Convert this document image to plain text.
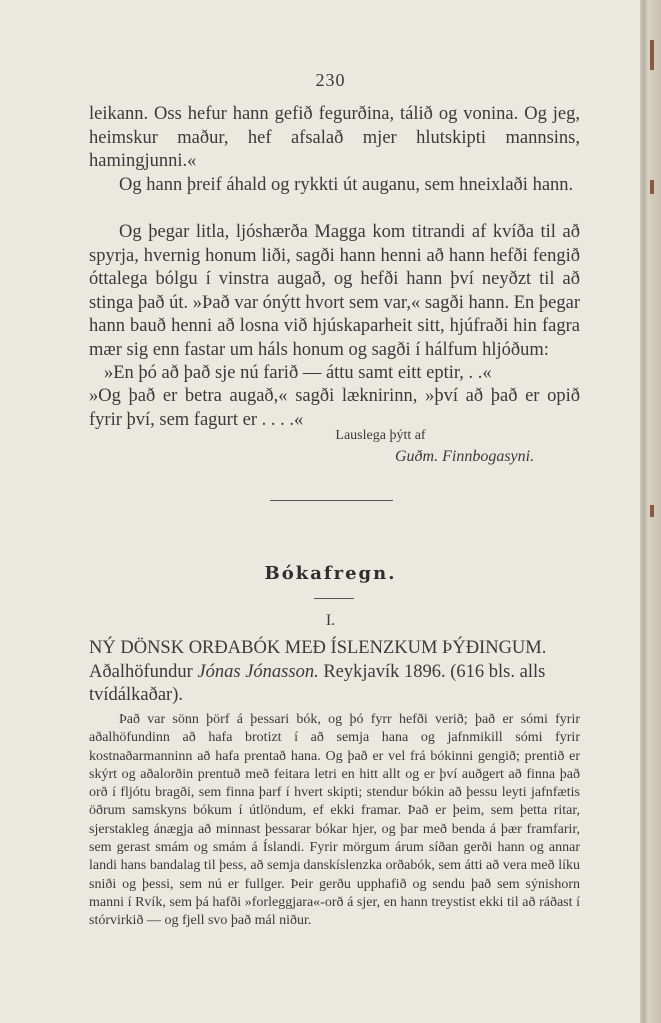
230
leikann. Oss hefur hann gefið fegurðina, tálið og vonina. Og jeg, heimskur maður, hef afsalað mjer hlutskipti mannsins, hamingjunni.«
Og hann þreif áhald og rykkti út auganu, sem hneixlaði hann.
Og þegar litla, ljóshærða Magga kom titrandi af kvíða til að spyrja, hvernig honum liði, sagði hann henni að hann hefði fengið óttalega bólgu í vinstra augað, og hefði hann því neyðzt til að stinga það út. »Það var ónýtt hvort sem var,« sagði hann. En þegar hann bauð henni að losna við hjúskaparheit sitt, hjúfraði hin fagra mær sig enn fastar um háls honum og sagði í hálfum hljóðum:
»En þó að það sje nú farið — áttu samt eitt eptir, . .«
»Og það er betra augað,« sagði læknirinn, »því að það er opið fyrir því, sem fagurt er . . . .«
Lauslega þýtt af
Guðm. Finnbogasyni.
Bókafregn.
I.
NÝ DÖNSK ORÐABÓK MEÐ ÍSLENZKUM ÞÝÐINGUM. Aðalhöfundur Jónas Jónasson. Reykjavík 1896. (616 bls. alls tvídálkaðar).
Það var sönn þörf á þessari bók, og þó fyrr hefði verið; það er sómi fyrir aðalhöfundinn að hafa brotizt í að semja hana og jafnmikill sómi fyrir kostnaðarmanninn að hafa prentað hana. Og það er vel frá bókinni gengið; prentið er skýrt og aðalorðin prentuð með feitara letri en hitt allt og er því auðgert að finna það orð í fljótu bragði, sem finna þarf í hvert skipti; stendur bókin að þessu leyti jafnfætis öðrum samskyns bókum í útlöndum, ef ekki framar. Það er þeim, sem þetta ritar, sjerstakleg ánægja að minnast þessarar bókar hjer, og þar með benda á þær framfarir, sem gerast smám og smám á Íslandi. Fyrir mörgum árum síðan gerði hann og annar landi hans bandalag til þess, að semja danskíslenzka orðabók, sem átti að vera með líku sniði og þessi, sem nú er fullger. Þeir gerðu upphafið og sendu það sem sýnishorn manni í Rvík, sem þá hafði »forleggjara«-orð á sjer, en hann treystist ekki til að ráðast í stórvirkið — og fjell svo það mál niður.
